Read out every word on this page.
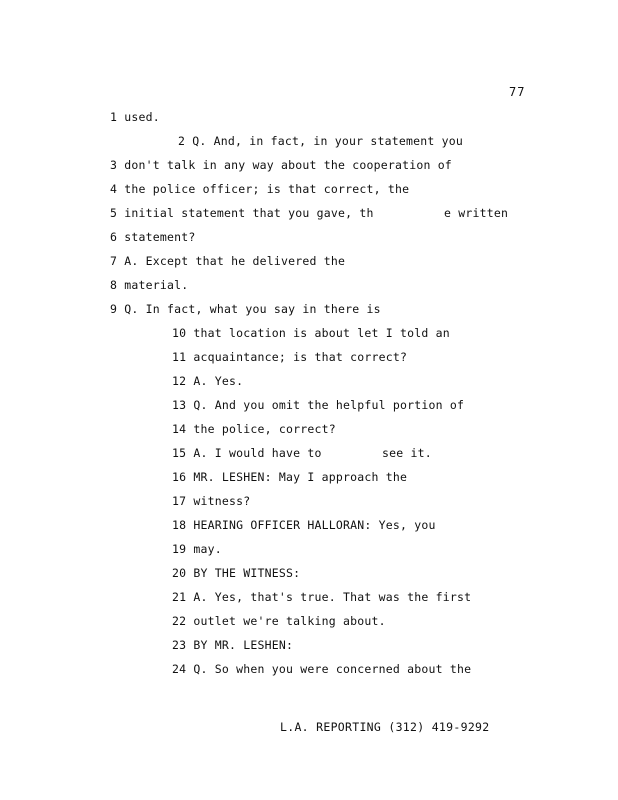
77
1 used.
2 Q. And, in fact, in your statement you
3 don't talk in any way about the cooperation of
4 the police officer; is that correct, the
5 initial statement that you gave, th	e written
6 statement?
7 A. Except that he delivered the
8 material.
9 Q. In fact, what you say in there is
10 that location is about let I told an
11 acquaintance; is that correct?
12 A. Yes.
13 Q. And you omit the helpful portion of
14 the police, correct?
15 A. I would have to	see it.
16 MR. LESHEN: May I approach the
17 witness?
18 HEARING OFFICER HALLORAN: Yes, you
19 may.
20 BY THE WITNESS:
21 A. Yes, that's true. That was the first
22 outlet we're talking about.
23 BY MR. LESHEN:
24 Q. So when you were concerned about the
L.A. REPORTING (312) 419-9292
